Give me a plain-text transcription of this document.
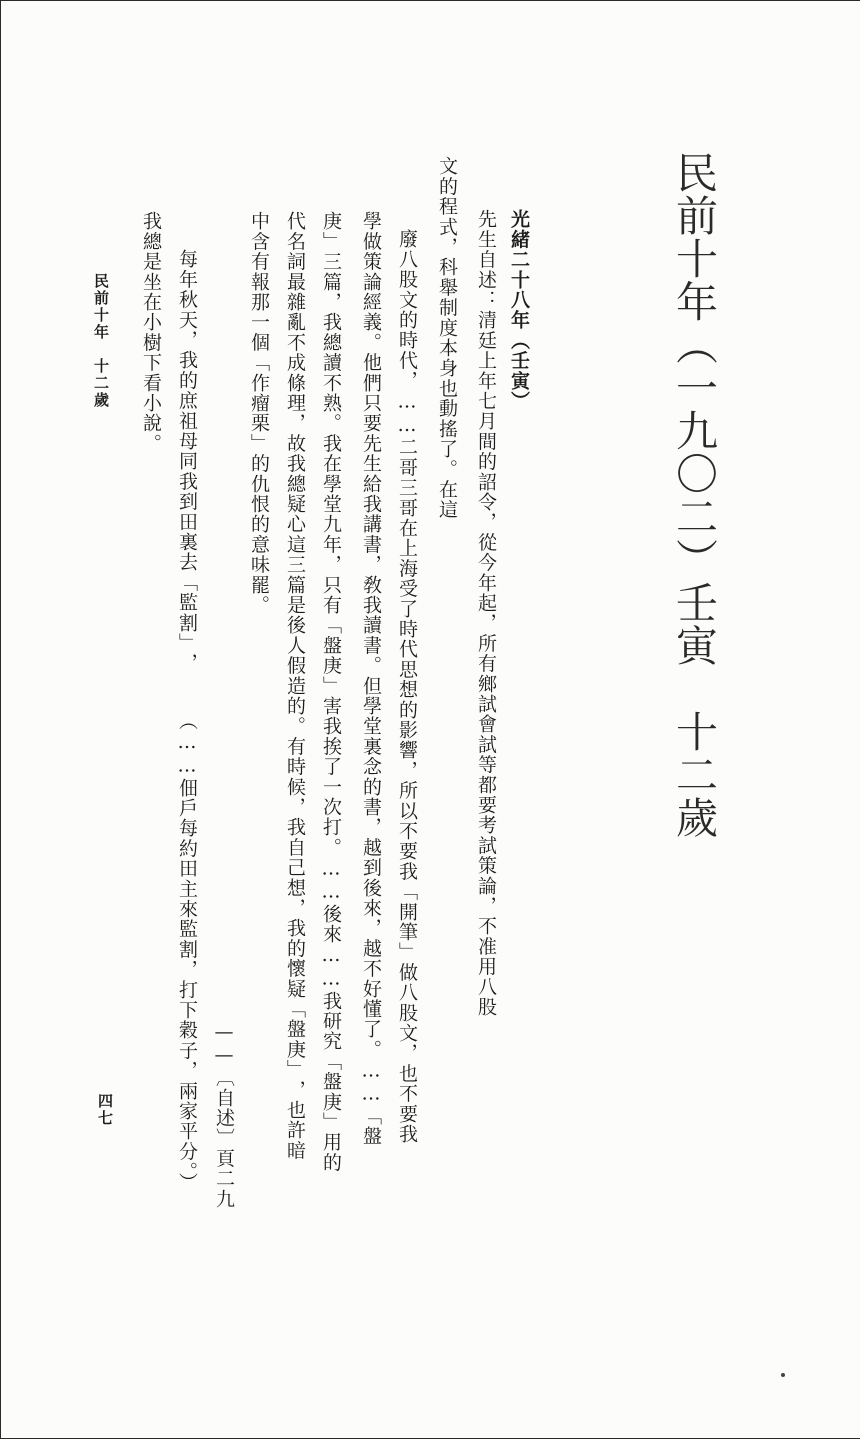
民前十年︵一九〇二︶壬寅　十二歲
光緒二十八年︵壬寅︶
先生自述：清廷上年七月間的詔令，從今年起，所有鄉試會試等都要考試策論，不准用八股
文的程式，科舉制度本身也動搖了。在這
廢八股文的時代，……二哥三哥在上海受了時代思想的影響，所以不要我﹁開筆﹂做八股文，也不要我
學做策論經義。他們只要先生給我講書，敎我讀書。但學堂裏念的書，越到後來，越不好懂了。……﹁盤
庚﹂三篇，我總讀不熟。我在學堂九年，只有﹁盤庚﹂害我挨了一次打。……後來……我研究﹁盤庚﹂用的
代名詞最雜亂不成條理，故我總疑心這三篇是後人假造的。有時候，我自己想，我的懷疑﹁盤庚﹂，也許暗
中含有報那一個﹁作瘤栗﹂的仇恨的意味罷。
——︹自述︺頁二九
每年秋天，我的庶祖母同我到田裏去﹁監割﹂，
︵……佃戶每約田主來監割，打下穀子，兩家平分。︶
我總是坐在小樹下看小說。
民前十年　十二歲
四七
